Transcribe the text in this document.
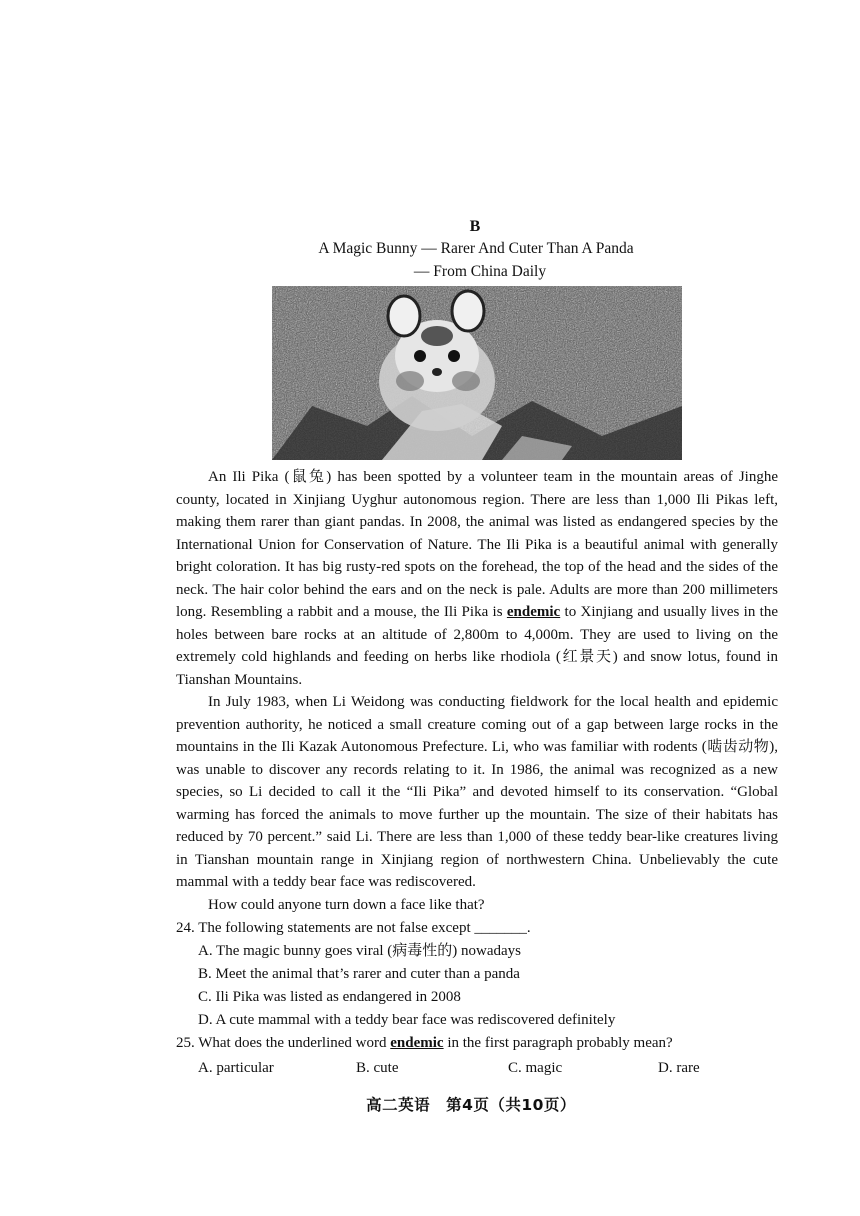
B
A Magic Bunny — Rarer And Cuter Than A Panda
— From China Daily

An Ili Pika (鼠兔) has been spotted by a volunteer team in the mountain areas of Jinghe county, located in Xinjiang Uyghur autonomous region. There are less than 1,000 Ili Pikas left, making them rarer than giant pandas. In 2008, the animal was listed as endangered species by the International Union for Conservation of Nature. The Ili Pika is a beautiful animal with generally bright coloration. It has big rusty-red spots on the forehead, the top of the head and the sides of the neck. The hair color behind the ears and on the neck is pale. Adults are more than 200 millimeters long. Resembling a rabbit and a mouse, the Ili Pika is endemic to Xinjiang and usually lives in the holes between bare rocks at an altitude of 2,800m to 4,000m. They are used to living on the extremely cold highlands and feeding on herbs like rhodiola (红景天) and snow lotus, found in Tianshan Mountains.

In July 1983, when Li Weidong was conducting fieldwork for the local health and epidemic prevention authority, he noticed a small creature coming out of a gap between large rocks in the mountains in the Ili Kazak Autonomous Prefecture. Li, who was familiar with rodents (啮齿动物), was unable to discover any records relating to it. In 1986, the animal was recognized as a new species, so Li decided to call it the “Ili Pika” and devoted himself to its conservation. “Global warming has forced the animals to move further up the mountain. The size of their habitats has reduced by 70 percent.” said Li. There are less than 1,000 of these teddy bear-like creatures living in Tianshan mountain range in Xinjiang region of northwestern China. Unbelievably the cute mammal with a teddy bear face was rediscovered.

How could anyone turn down a face like that?

24. The following statements are not false except _______.

A. The magic bunny goes viral (病毒性的) nowadays

B. Meet the animal that’s rarer and cuter than a panda

C. Ili Pika was listed as endangered in 2008

D. A cute mammal with a teddy bear face was rediscovered definitely

25. What does the underlined word endemic in the first paragraph probably mean?

A. particular	B. cute	C. magic	D. rare
高二英语　第4页（共10页）
